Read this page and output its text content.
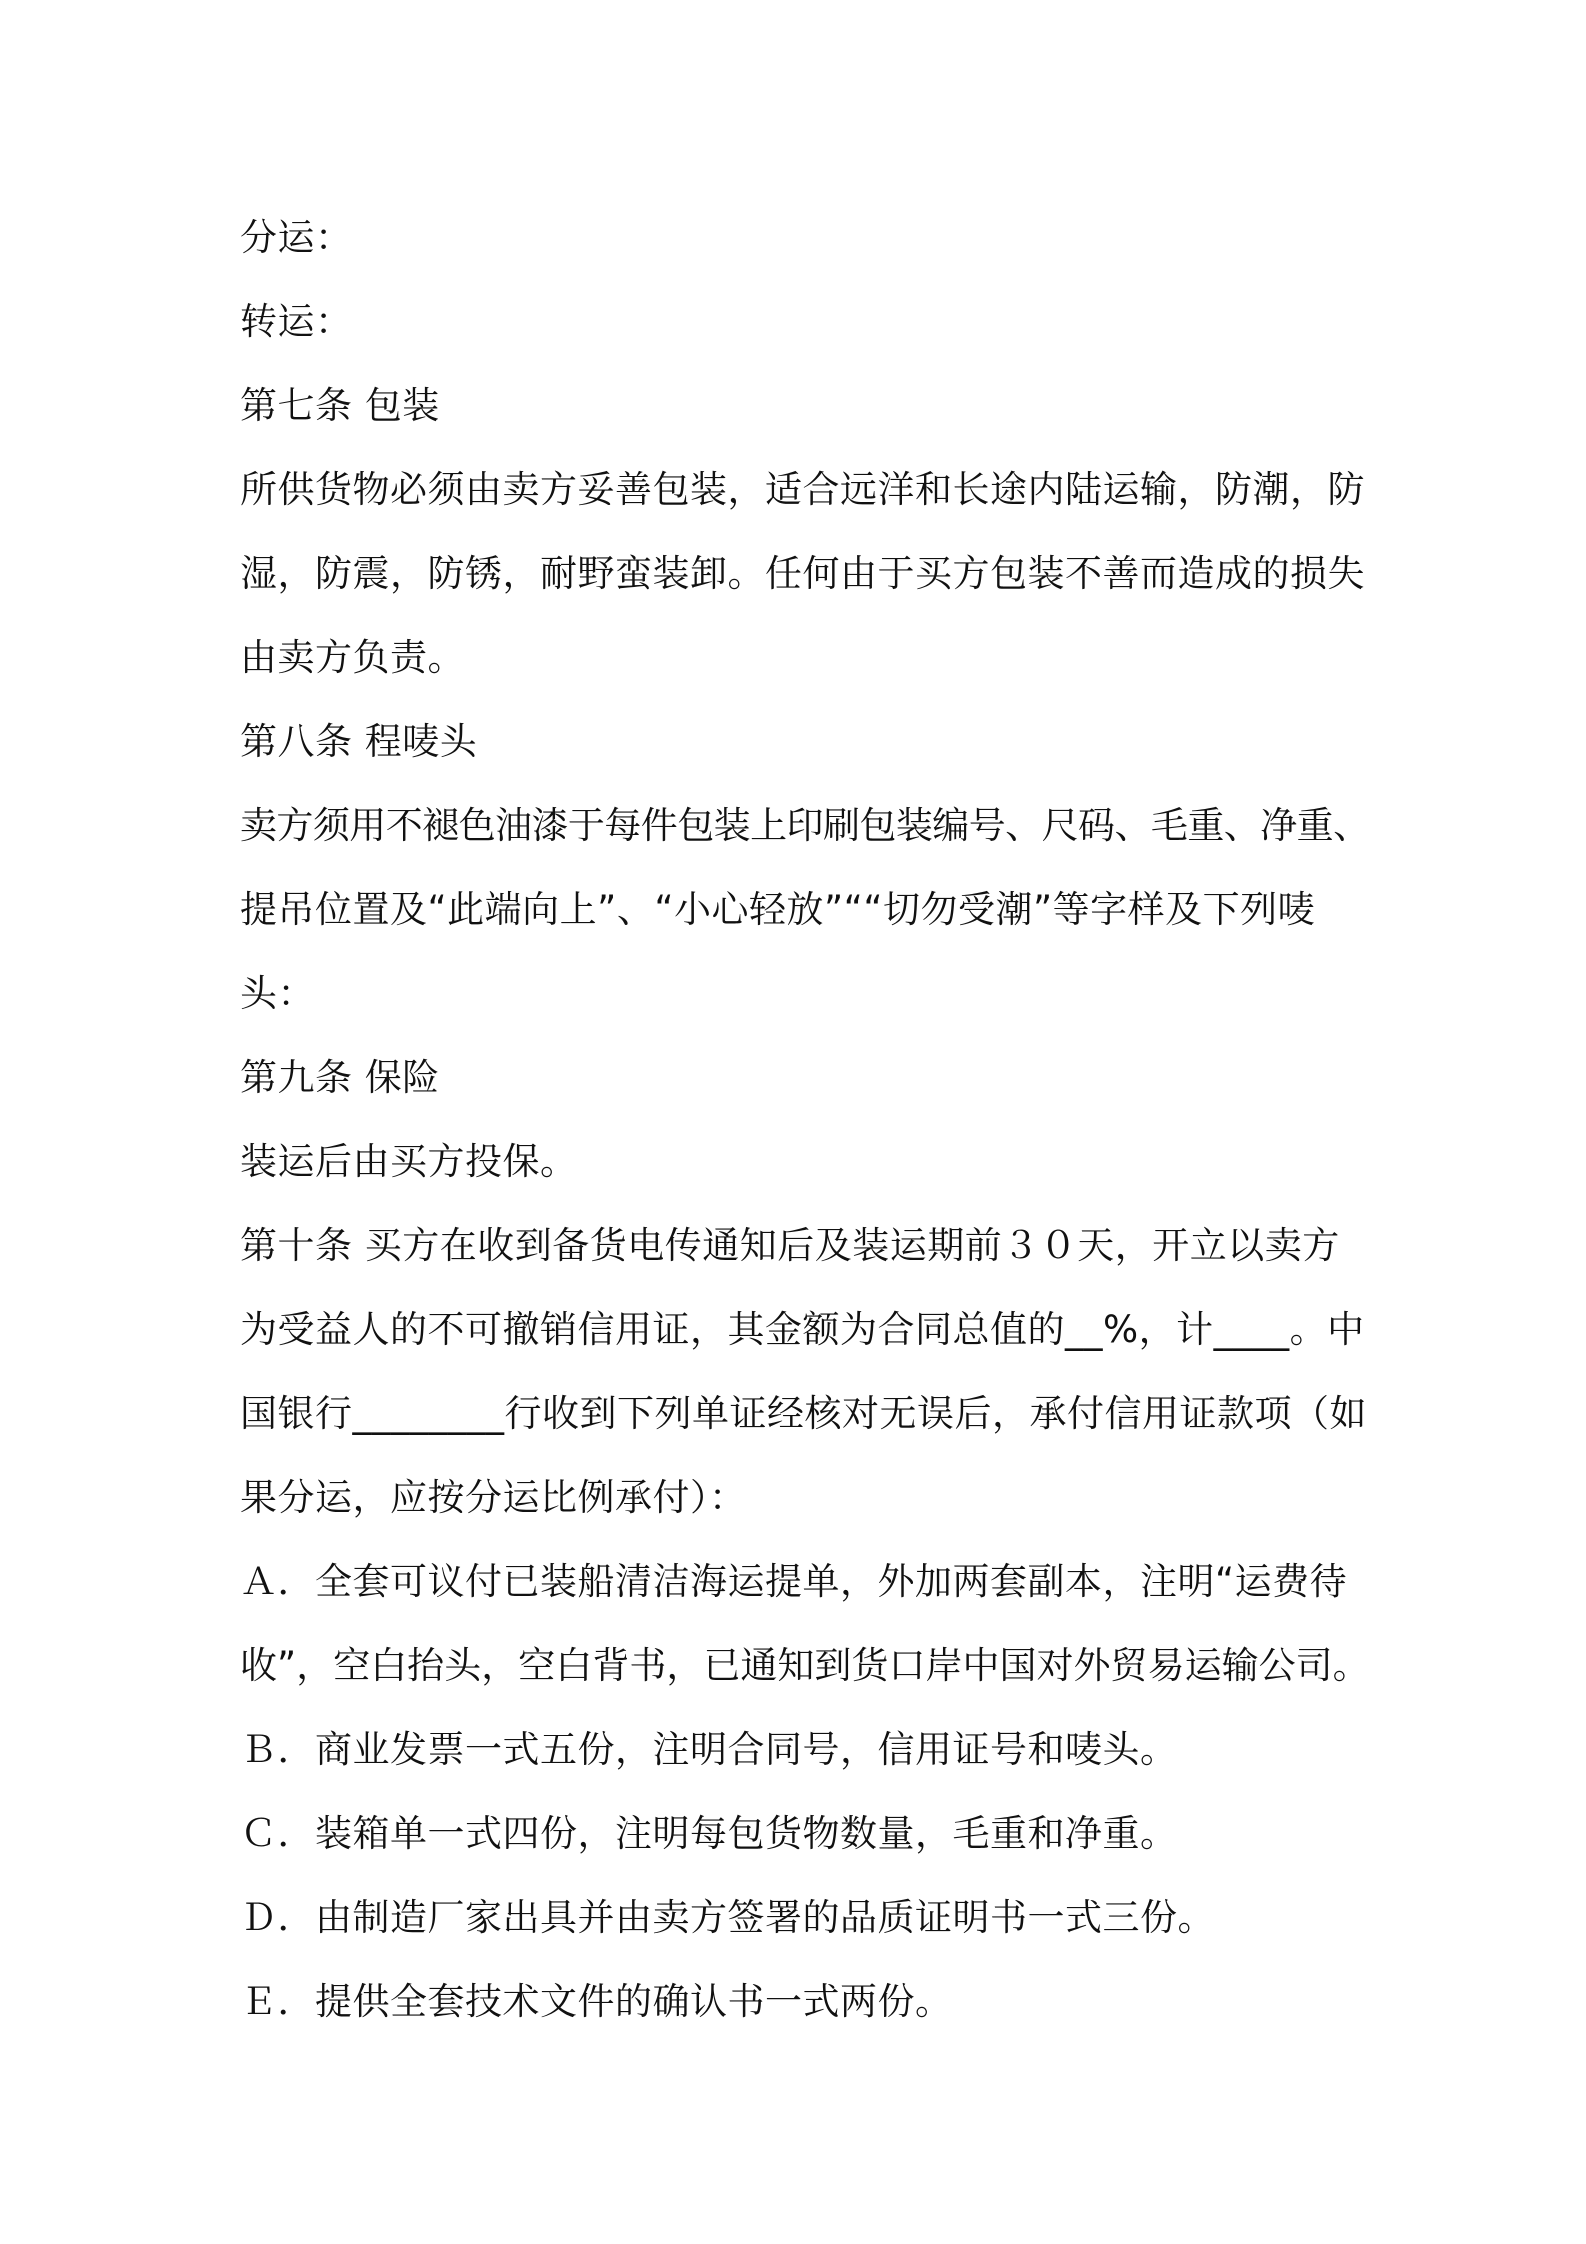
分运：
转运：
第七条 包装
所供货物必须由卖方妥善包装，适合远洋和长途内陆运输，防潮，防
湿，防震，防锈，耐野蛮装卸。任何由于买方包装不善而造成的损失
由卖方负责。
第八条 程唛头
卖方须用不褪色油漆于每件包装上印刷包装编号、尺码、毛重、净重、
提吊位置及“此端向上”、“小心轻放”““切勿受潮”等字样及下列唛
头：
第九条 保险
装运后由买方投保。
第十条 买方在收到备货电传通知后及装运期前３０天，开立以卖方
为受益人的不可撤销信用证，其金额为合同总值的__%，计____。中
国银行________行收到下列单证经核对无误后，承付信用证款项（如
果分运，应按分运比例承付）：
Ａ．全套可议付已装船清洁海运提单，外加两套副本，注明“运费待
收”，空白抬头，空白背书，已通知到货口岸中国对外贸易运输公司。
Ｂ．商业发票一式五份，注明合同号，信用证号和唛头。
Ｃ．装箱单一式四份，注明每包货物数量，毛重和净重。
Ｄ．由制造厂家出具并由卖方签署的品质证明书一式三份。
Ｅ．提供全套技术文件的确认书一式两份。
